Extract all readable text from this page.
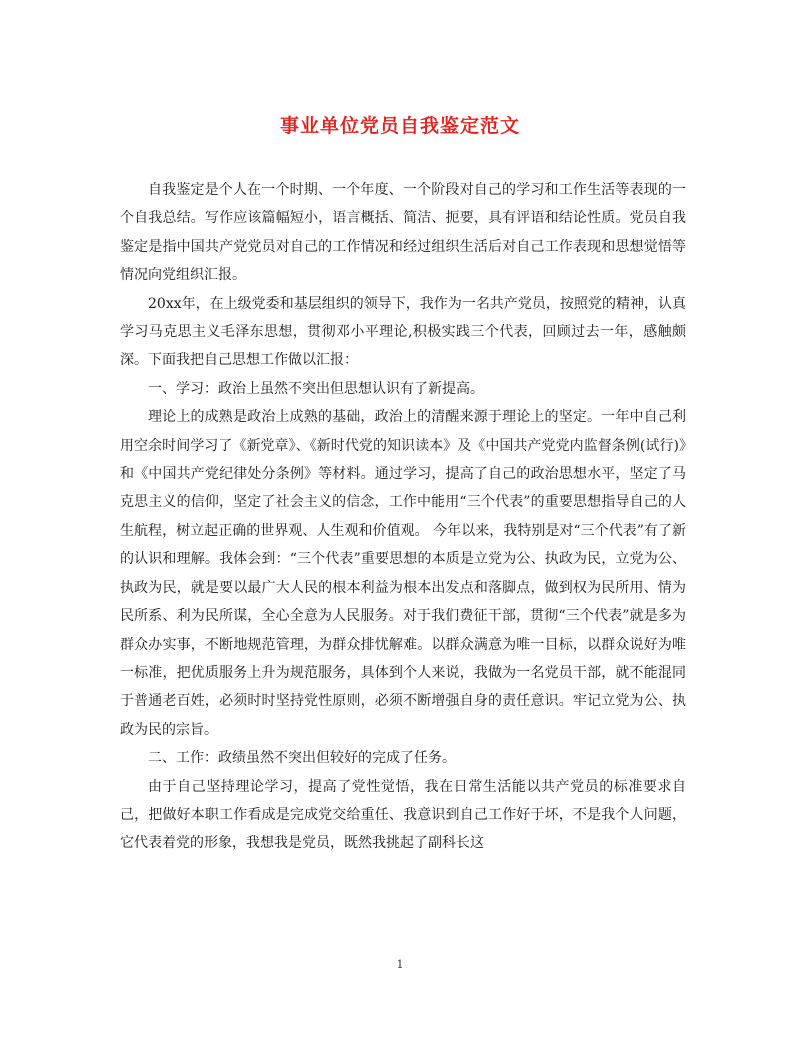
事业单位党员自我鉴定范文

自我鉴定是个人在一个时期、一个年度、一个阶段对自己的学习和工作生活等表现的一个自我总结。写作应该篇幅短小，语言概括、简洁、扼要，具有评语和结论性质。党员自我鉴定是指中国共产党党员对自己的工作情况和经过组织生活后对自己工作表现和思想觉悟等情况向党组织汇报。

20xx年，在上级党委和基层组织的领导下，我作为一名共产党员，按照党的精神，认真学习马克思主义毛泽东思想，贯彻邓小平理论,积极实践三个代表，回顾过去一年，感触颇深。下面我把自己思想工作做以汇报：

一、学习：政治上虽然不突出但思想认识有了新提高。

理论上的成熟是政治上成熟的基础，政治上的清醒来源于理论上的坚定。一年中自己利用空余时间学习了《新党章》、《新时代党的知识读本》及《中国共产党党内监督条例(试行)》和《中国共产党纪律处分条例》等材料。通过学习，提高了自己的政治思想水平，坚定了马克思主义的信仰，坚定了社会主义的信念，工作中能用“三个代表”的重要思想指导自己的人生航程，树立起正确的世界观、人生观和价值观。 今年以来，我特别是对“三个代表”有了新的认识和理解。我体会到：“三个代表”重要思想的本质是立党为公、执政为民，立党为公、执政为民，就是要以最广大人民的根本利益为根本出发点和落脚点，做到权为民所用、情为民所系、利为民所谋，全心全意为人民服务。对于我们费征干部，贯彻“三个代表”就是多为群众办实事，不断地规范管理，为群众排忧解难。以群众满意为唯一目标，以群众说好为唯一标准，把优质服务上升为规范服务，具体到个人来说，我做为一名党员干部，就不能混同于普通老百姓，必须时时坚持党性原则，必须不断增强自身的责任意识。牢记立党为公、执政为民的宗旨。

二、工作：政绩虽然不突出但较好的完成了任务。

由于自己坚持理论学习，提高了党性觉悟，我在日常生活能以共产党员的标准要求自己，把做好本职工作看成是完成党交给重任、我意识到自己工作好于坏，不是我个人问题，它代表着党的形象，我想我是党员，既然我挑起了副科长这

1
